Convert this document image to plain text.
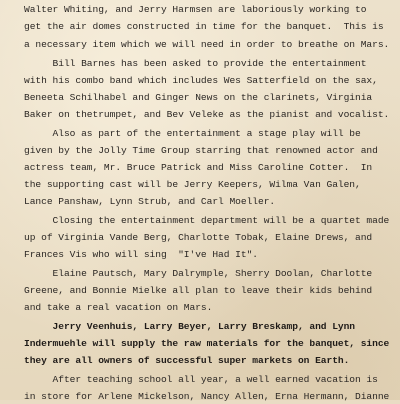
Walter Whiting, and Jerry Harmsen are laboriously working to
get the air domes constructed in time for the banquet.  This is
a necessary item which we will need in order to breathe on Mars.
Bill Barnes has been asked to provide the entertainment
with his combo band which includes Wes Satterfield on the sax,
Beneeta Schilhabel and Ginger News on the clarinets, Virginia
Baker on thetrumpet, and Bev Veleke as the pianist and vocalist.
Also as part of the entertainment a stage play will be
given by the Jolly Time Group starring that renowned actor and
actress team, Mr. Bruce Patrick and Miss Caroline Cotter.  In
the supporting cast will be Jerry Keepers, Wilma Van Galen,
Lance Panshaw, Lynn Strub, and Carl Moeller.
Closing the entertainment department will be a quartet made
up of Virginia Vande Berg, Charlotte Tobak, Elaine Drews, and
Frances Vis who will sing  "I've Had It".
Elaine Pautsch, Mary Dalrymple, Sherry Doolan, Charlotte
Greene, and Bonnie Mielke all plan to leave their kids behind
and take a real vacation on Mars.
Jerry Veenhuis, Larry Beyer, Larry Breskamp, and Lynn
Indermuehle will supply the raw materials for the banquet, since
they are all owners of successful super markets on Earth.
After teaching school all year, a well earned vacation is
in store for Arlene Mickelson, Nancy Allen, Erna Hermann, Dianne
